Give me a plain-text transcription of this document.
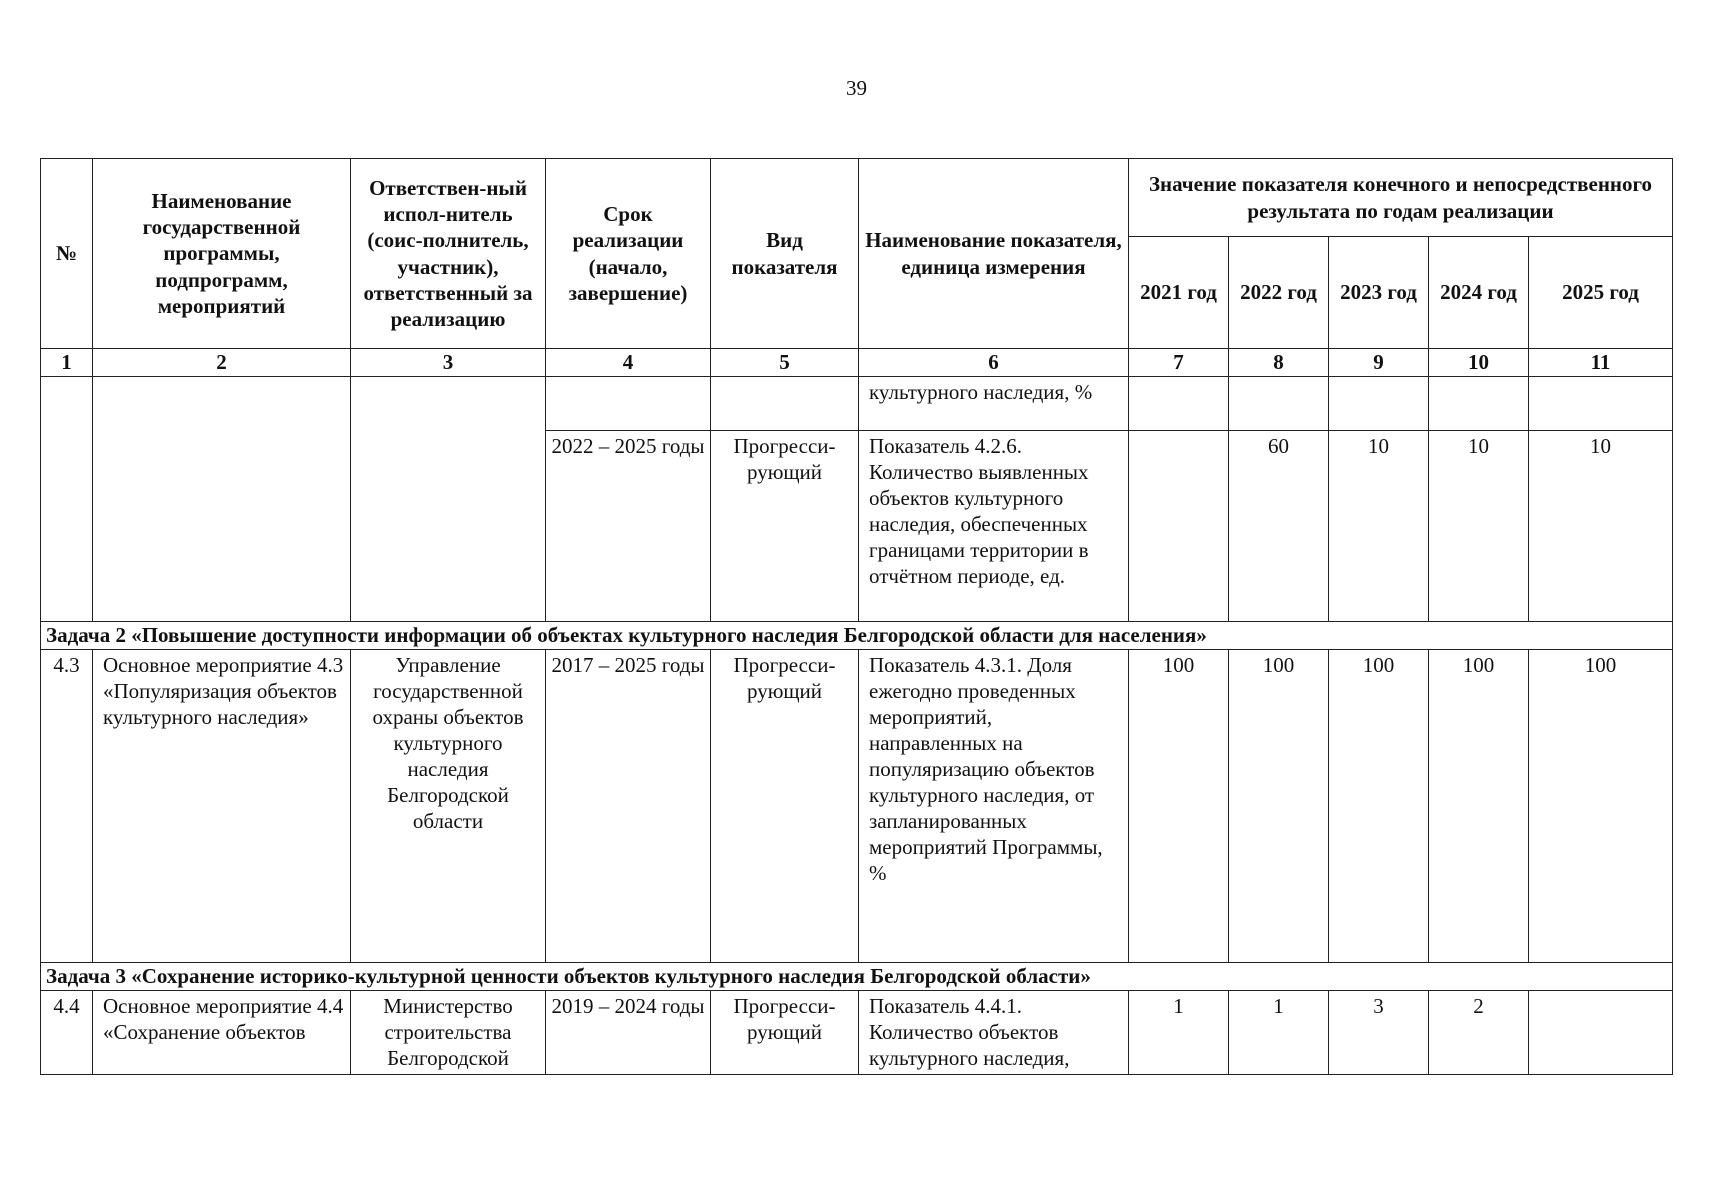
39
№	Наименование государственной программы, подпрограмм, мероприятий	Ответствен-ный испол-нитель (соис-полнитель, участник), ответственный за реализацию	Срок реализации (начало, завершение)	Вид показателя	Наименование показателя, единица измерения	Значение показателя конечного и непосредственного результата по годам реализации				
						2021 год	2022 год	2023 год	2024 год	2025 год
1	2	3	4	5	6	7	8	9	10	11
					культурного наследия, %					
			2022 – 2025 годы	Прогресси-рующий	Показатель 4.2.6. Количество выявленных объектов культурного наследия, обеспеченных границами территории в отчётном периоде, ед.		60	10	10	10
Задача 2 «Повышение доступности информации об объектах культурного наследия Белгородской области для населения»										
4.3	Основное мероприятие 4.3 «Популяризация объектов культурного наследия»	Управление государственной охраны объектов культурного наследия Белгородской области	2017 – 2025 годы	Прогресси-рующий	Показатель 4.3.1. Доля ежегодно проведенных мероприятий, направленных на популяризацию объектов культурного наследия, от запланированных мероприятий Программы, %	100	100	100	100	100
Задача 3 «Сохранение историко-культурной ценности объектов культурного наследия Белгородской области»										
4.4	Основное мероприятие 4.4 «Сохранение объектов	Министерство строительства Белгородской	2019 – 2024 годы	Прогресси-рующий	Показатель 4.4.1. Количество объектов культурного наследия,	1	1	3	2	
